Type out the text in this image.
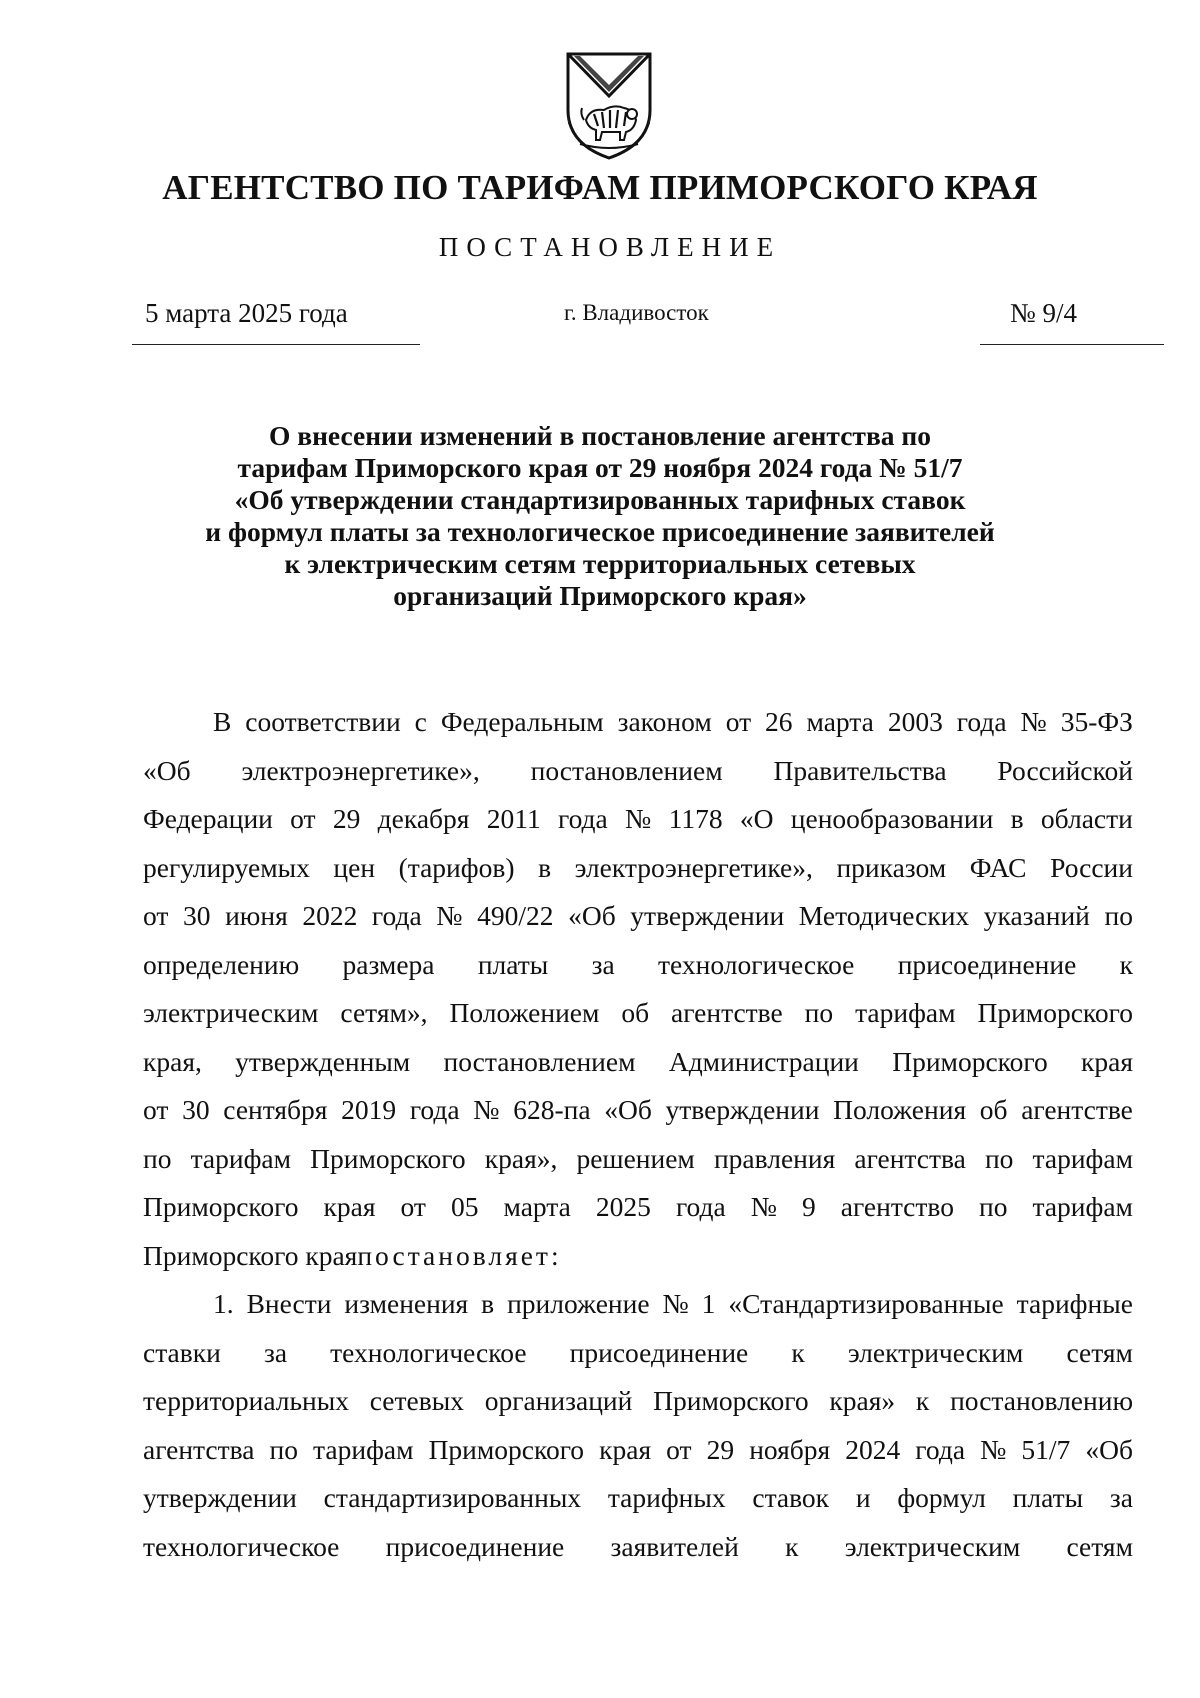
АГЕНТСТВО ПО ТАРИФАМ ПРИМОРСКОГО КРАЯ
ПОСТАНОВЛЕНИЕ
5 марта 2025 года	г. Владивосток	№ 9/4
О внесении изменений в постановление агентства по
тарифам Приморского края от 29 ноября 2024 года № 51/7
«Об утверждении стандартизированных тарифных ставок
и формул платы за технологическое присоединение заявителей
к электрическим сетям территориальных сетевых
организаций Приморского края»
В соответствии с Федеральным законом от 26 марта 2003 года № 35-ФЗ
«Об электроэнергетике», постановлением Правительства Российской
Федерации от 29 декабря 2011 года № 1178 «О ценообразовании в области
регулируемых цен (тарифов) в электроэнергетике», приказом ФАС России
от 30 июня 2022 года № 490/22 «Об утверждении Методических указаний по
определению размера платы за технологическое присоединение к
электрическим сетям», Положением об агентстве по тарифам Приморского
края, утвержденным постановлением Администрации Приморского края
от 30 сентября 2019 года № 628-па «Об утверждении Положения об агентстве
по тарифам Приморского края», решением правления агентства по тарифам
Приморского края от 05 марта 2025 года № 9 агентство по тарифам
Приморского края постановляет:
1. Внести изменения в приложение № 1 «Стандартизированные тарифные
ставки за технологическое присоединение к электрическим сетям
территориальных сетевых организаций Приморского края» к постановлению
агентства по тарифам Приморского края от 29 ноября 2024 года № 51/7 «Об
утверждении стандартизированных тарифных ставок и формул платы за
технологическое присоединение заявителей к электрическим сетям
